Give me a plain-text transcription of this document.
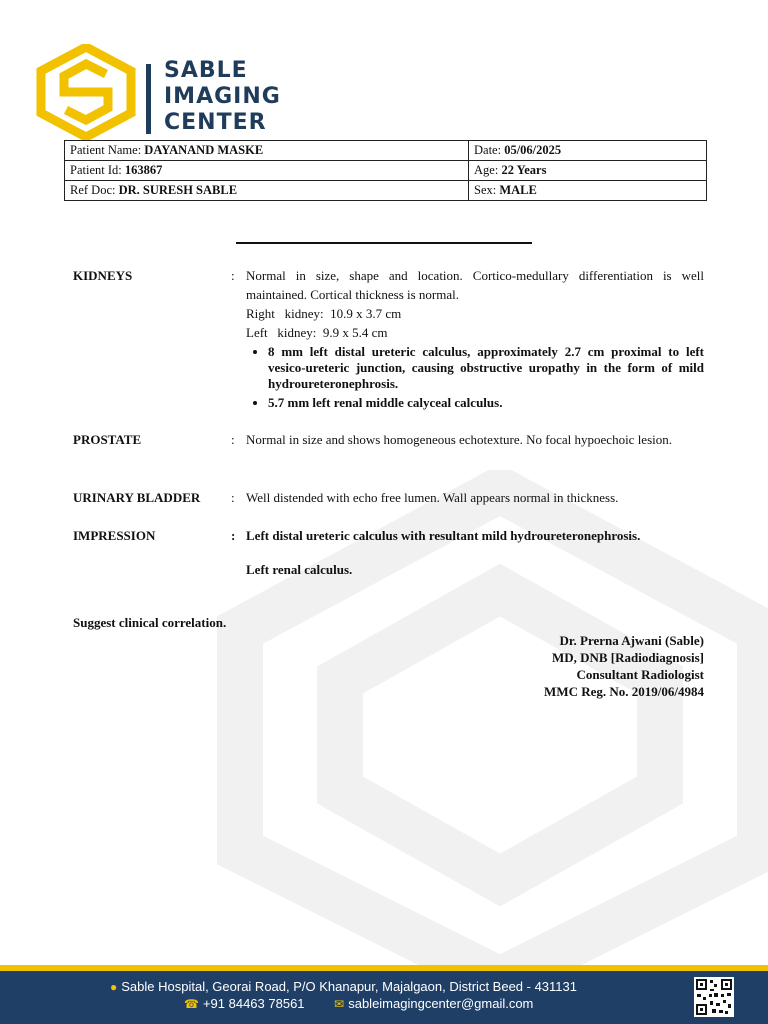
SABLE
IMAGING
CENTER
Patient Name: DAYANAND MASKE	Date: 05/06/2025
Patient Id: 163867	Age: 22 Years
Ref Doc: DR. SURESH SABLE	Sex: MALE
KIDNEYS	: Normal in size, shape and location. Cortico-medullary differentiation is well maintained. Cortical thickness is normal.

Right   kidney:  10.9 x 3.7 cm

Left   kidney:  9.9 x 5.4 cm

• 8 mm left distal ureteric calculus, approximately 2.7 cm proximal to left vesico-ureteric junction, causing obstructive uropathy in the form of mild hydroureteronephrosis.
• 5.7 mm left renal middle calyceal calculus.
PROSTATE	: Normal in size and shows homogeneous echotexture. No focal hypoechoic lesion.
URINARY BLADDER : Well distended with echo free lumen. Wall appears normal in thickness.
IMPRESSION	: Left distal ureteric calculus with resultant mild hydroureteronephrosis.

Left renal calculus.

Suggest clinical correlation.
Dr. Prerna Ajwani (Sable)
MD, DNB [Radiodiagnosis]
Consultant Radiologist
MMC Reg. No. 2019/06/4984
● Sable Hospital, Georai Road, P/O Khanapur, Majalgaon, District Beed - 431131
☎ +91 84463 78561 ✉ sableimagingcenter@gmail.com
